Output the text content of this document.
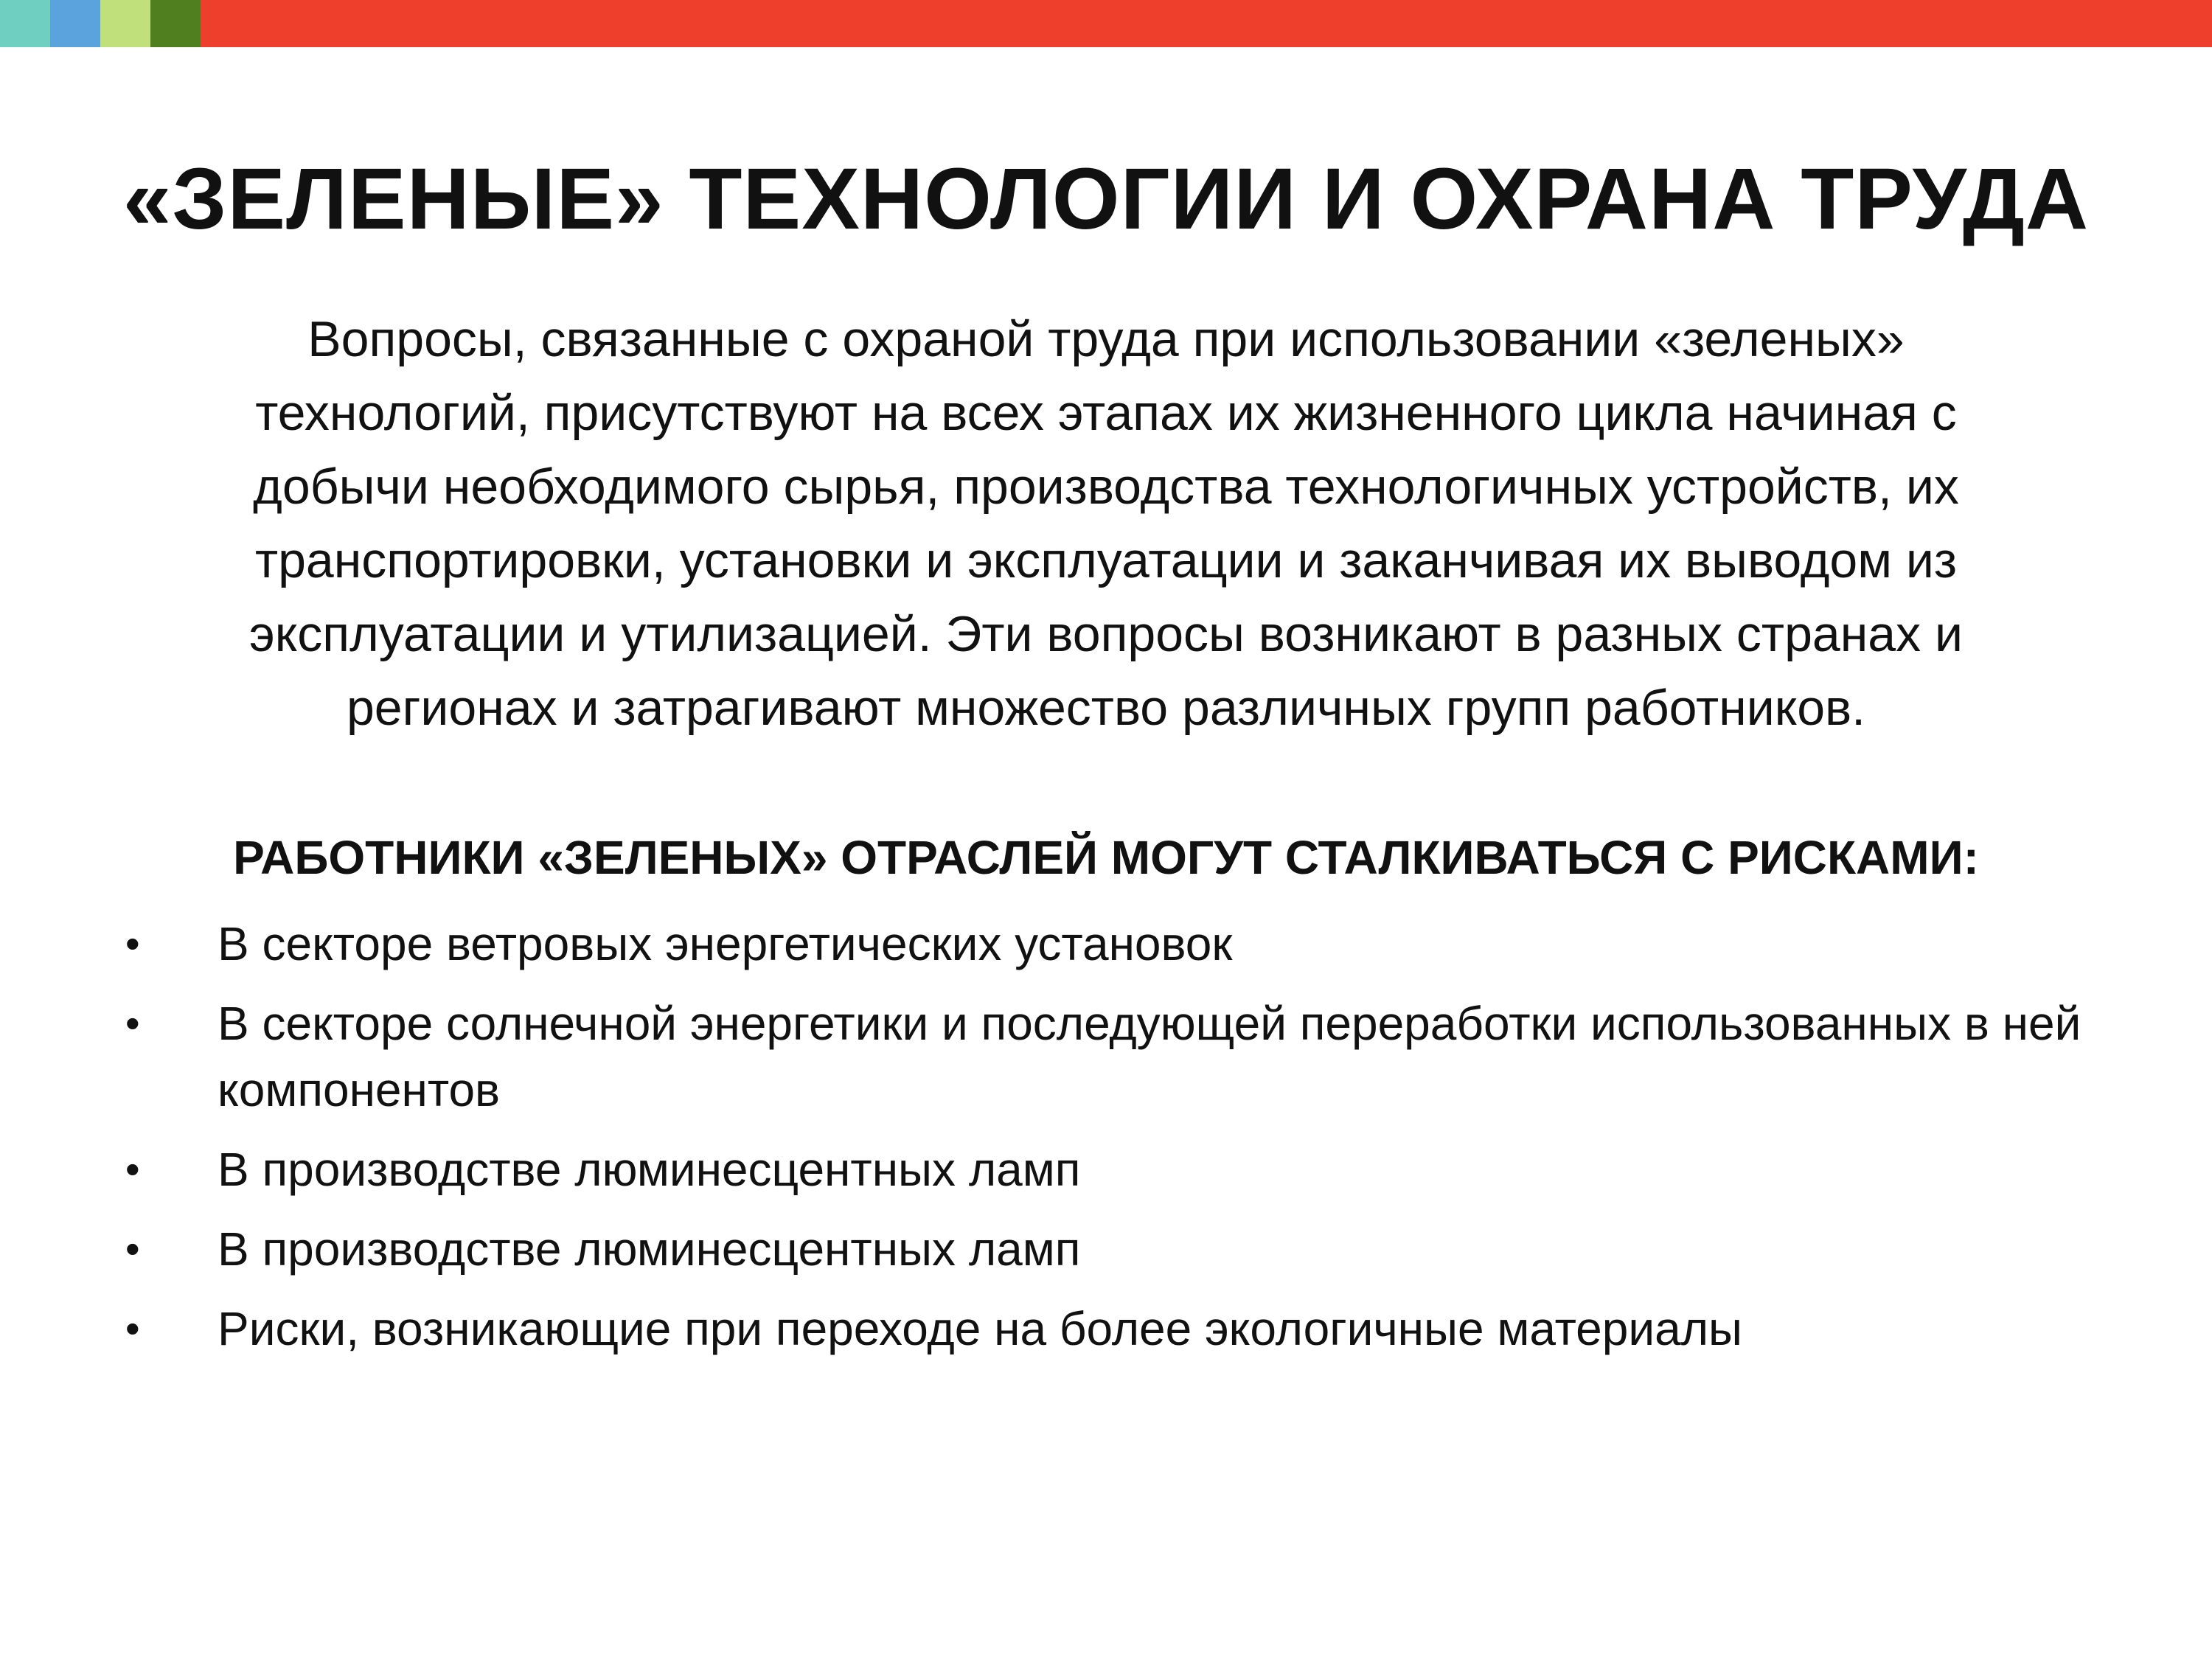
«ЗЕЛЕНЫЕ» ТЕХНОЛОГИИ И ОХРАНА ТРУДА
Вопросы, связанные с охраной труда при использовании «зеленых»
технологий, присутствуют на всех этапах их жизненного цикла начиная с
добычи необходимого сырья, производства технологичных устройств, их
транспортировки, установки и эксплуатации и заканчивая их выводом из
эксплуатации и утилизацией. Эти вопросы возникают в разных странах и
регионах и затрагивают множество различных групп работников.
РАБОТНИКИ «ЗЕЛЕНЫХ» ОТРАСЛЕЙ МОГУТ СТАЛКИВАТЬСЯ С РИСКАМИ:
•	В секторе ветровых энергетических установок
•	В секторе солнечной энергетики и последующей переработки использованных в ней компонентов
•	В производстве люминесцентных ламп
•	В производстве люминесцентных ламп
•	Риски, возникающие при переходе на более экологичные материалы
